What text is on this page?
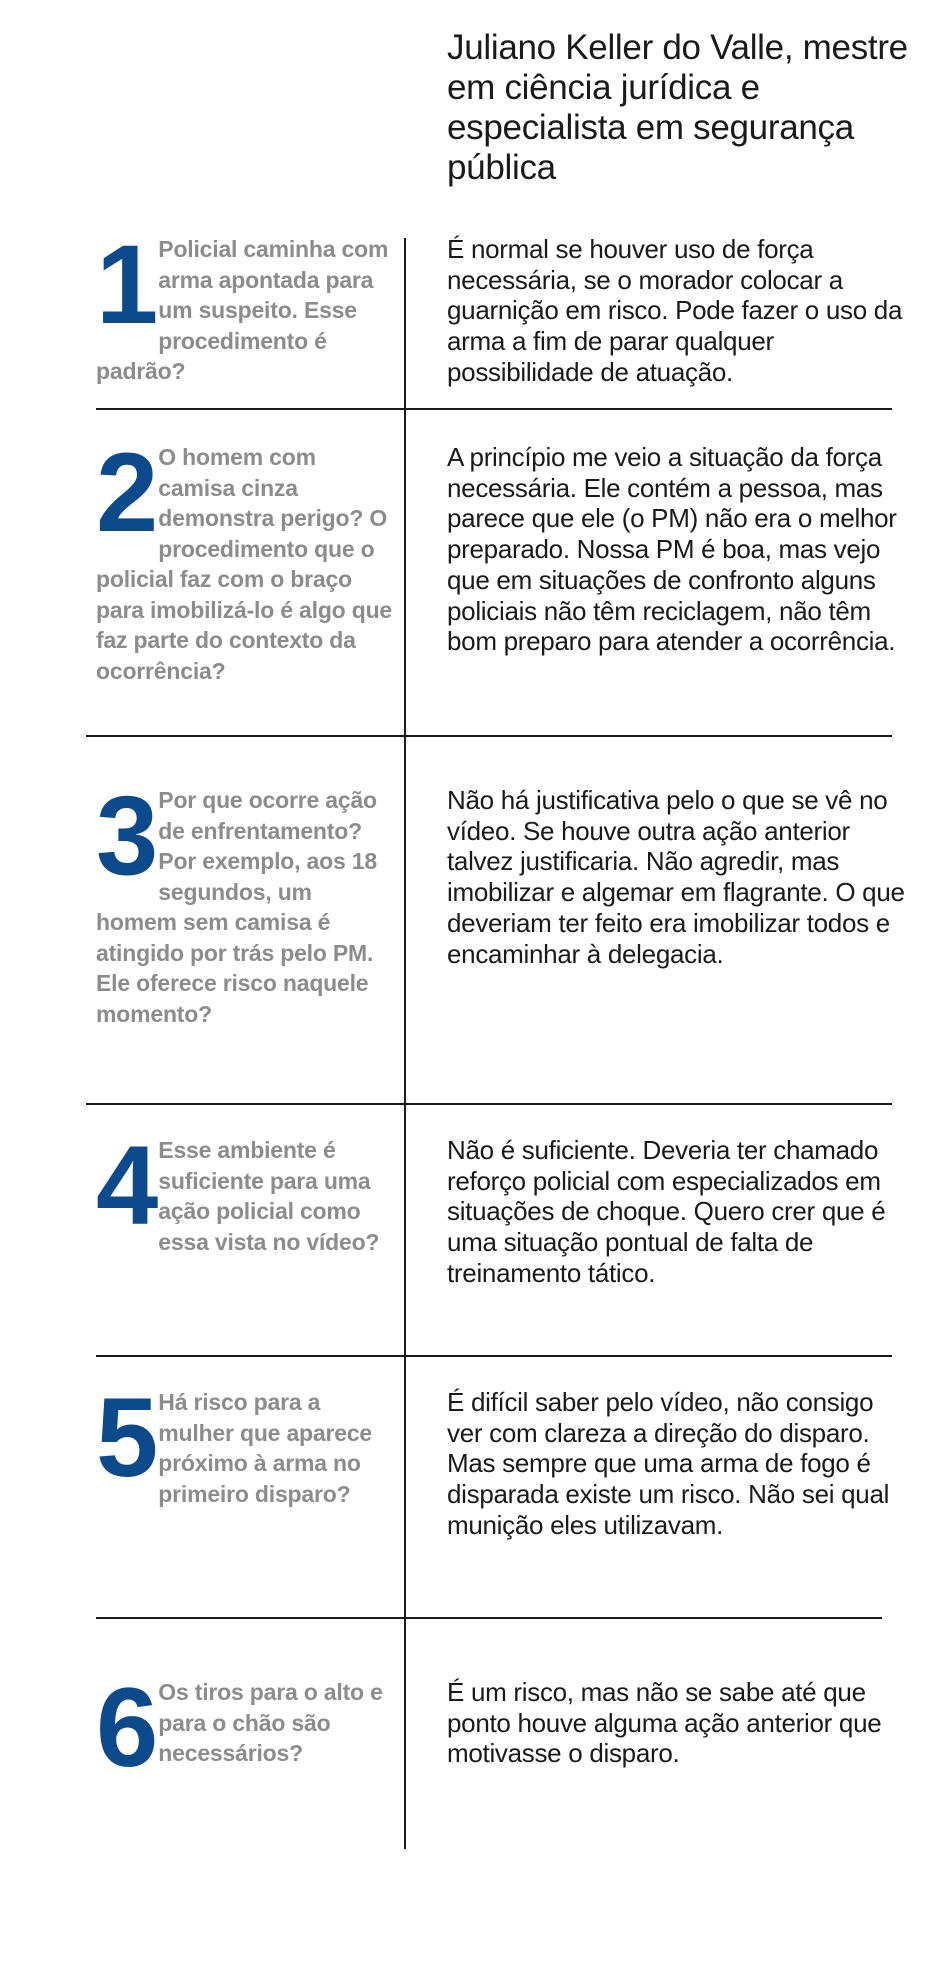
Juliano Keller do Valle, mestre em ciência jurídica e especialista em segurança pública
1 Policial caminha com arma apontada para um suspeito. Esse procedimento é padrão?
É normal se houver uso de força necessária, se o morador colocar a guarnição em risco. Pode fazer o uso da arma a fim de parar qualquer possibilidade de atuação.
2 O homem com camisa cinza demonstra perigo? O procedimento que o policial faz com o braço para imobilizá-lo é algo que faz parte do contexto da ocorrência?
A princípio me veio a situação da força necessária. Ele contém a pessoa, mas parece que ele (o PM) não era o melhor preparado. Nossa PM é boa, mas vejo que em situações de confronto alguns policiais não têm reciclagem, não têm bom preparo para atender a ocorrência.
3 Por que ocorre ação de enfrentamento? Por exemplo, aos 18 segundos, um homem sem camisa é atingido por trás pelo PM. Ele oferece risco naquele momento?
Não há justificativa pelo o que se vê no vídeo. Se houve outra ação anterior talvez justificaria. Não agredir, mas imobilizar e algemar em flagrante. O que deveriam ter feito era imobilizar todos e encaminhar à delegacia.
4 Esse ambiente é suficiente para uma ação policial como essa vista no vídeo?
Não é suficiente. Deveria ter chamado reforço policial com especializados em situações de choque. Quero crer que é uma situação pontual de falta de treinamento tático.
5 Há risco para a mulher que aparece próximo à arma no primeiro disparo?
É difícil saber pelo vídeo, não consigo ver com clareza a direção do disparo. Mas sempre que uma arma de fogo é disparada existe um risco. Não sei qual munição eles utilizavam.
6 Os tiros para o alto e para o chão são necessários?
É um risco, mas não se sabe até que ponto houve alguma ação anterior que motivasse o disparo.
